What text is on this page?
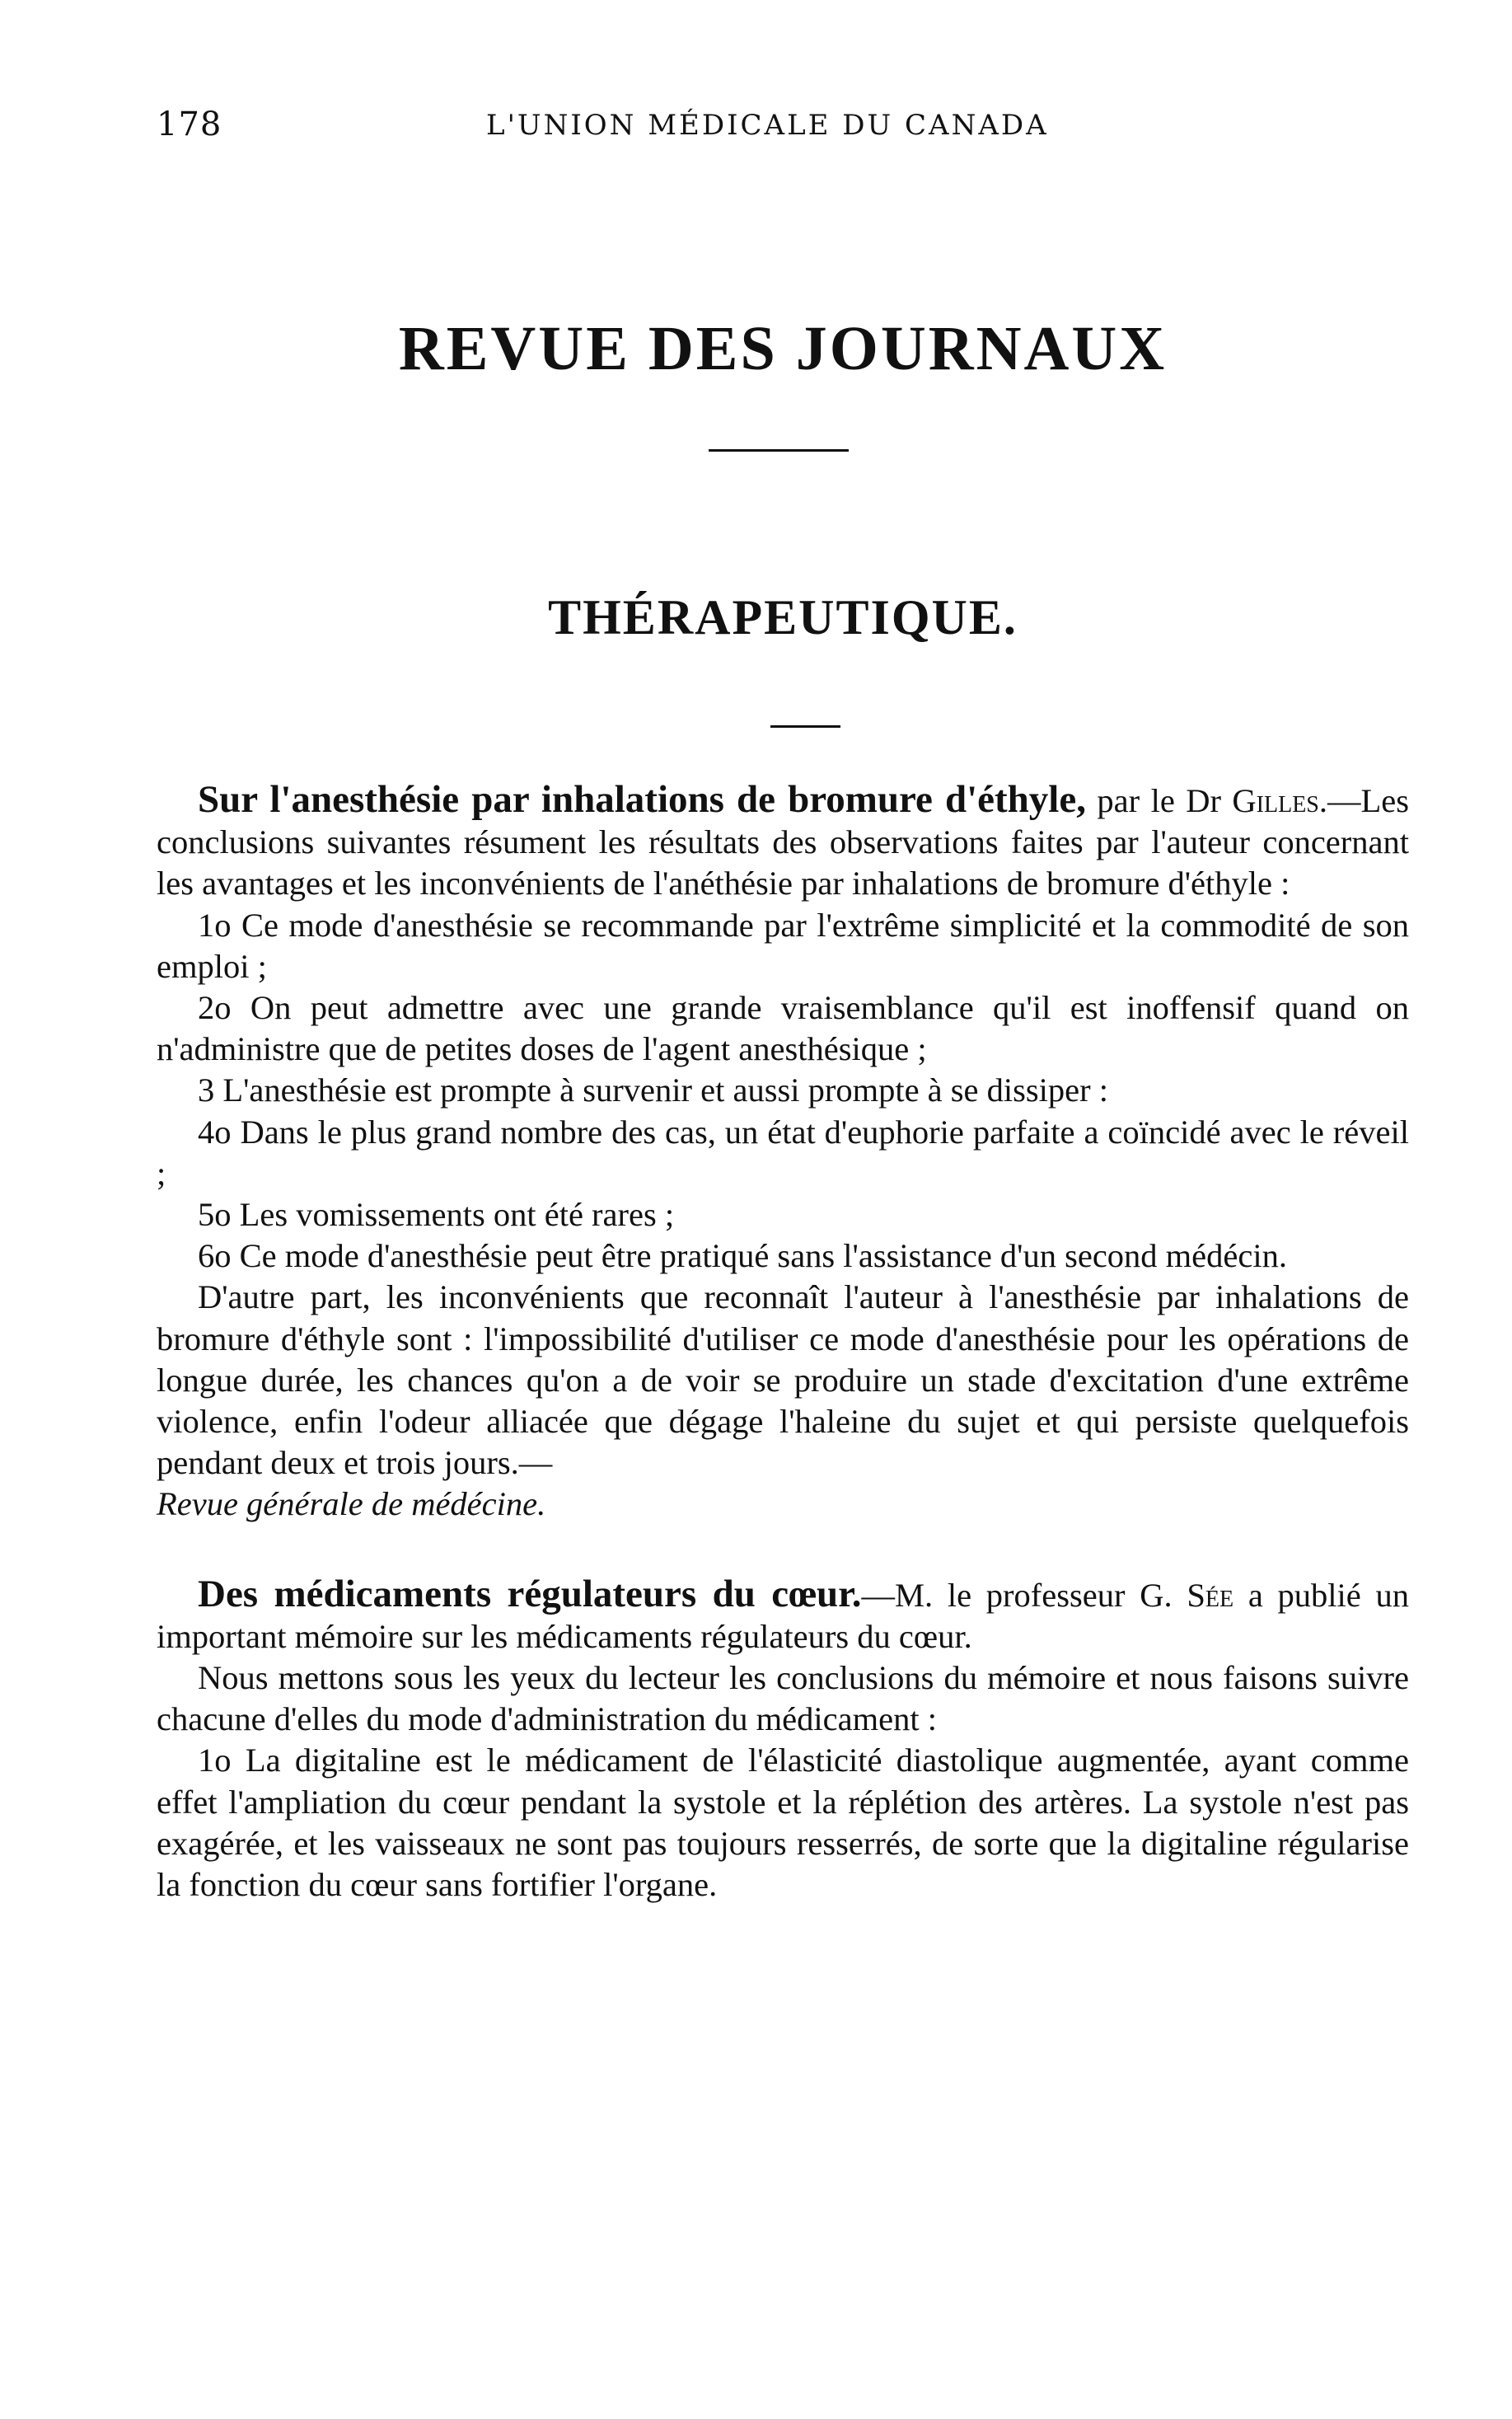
178	L'UNION MÉDICALE DU CANADA
REVUE DES JOURNAUX
THÉRAPEUTIQUE.

Sur l'anesthésie par inhalations de bromure d'éthyle, par le Dr Gilles.—Les conclusions suivantes résument les résultats des observations faites par l'auteur concernant les avantages et les inconvénients de l'anéthésie par inhalations de bromure d'éthyle :

1o Ce mode d'anesthésie se recommande par l'extrême simplicité et la commodité de son emploi ;

2o On peut admettre avec une grande vraisemblance qu'il est inoffensif quand on n'administre que de petites doses de l'agent anesthésique ;

3 L'anesthésie est prompte à survenir et aussi prompte à se dissiper :

4o Dans le plus grand nombre des cas, un état d'euphorie parfaite a coïncidé avec le réveil ;

5o Les vomissements ont été rares ;

6o Ce mode d'anesthésie peut être pratiqué sans l'assistance d'un second médécin.

D'autre part, les inconvénients que reconnaît l'auteur à l'anesthésie par inhalations de bromure d'éthyle sont : l'impossibilité d'utiliser ce mode d'anesthésie pour les opérations de longue durée, les chances qu'on a de voir se produire un stade d'excitation d'une extrême violence, enfin l'odeur alliacée que dégage l'haleine du sujet et qui persiste quelquefois pendant deux et trois jours.—
Revue générale de médécine.

Des médicaments régulateurs du cœur.—M. le professeur G. Sée a publié un important mémoire sur les médicaments régulateurs du cœur.

Nous mettons sous les yeux du lecteur les conclusions du mémoire et nous faisons suivre chacune d'elles du mode d'administration du médicament :

1o La digitaline est le médicament de l'élasticité diastolique augmentée, ayant comme effet l'ampliation du cœur pendant la systole et la réplétion des artères. La systole n'est pas exagérée, et les vaisseaux ne sont pas toujours resserrés, de sorte que la digitaline régularise la fonction du cœur sans fortifier l'organe.
